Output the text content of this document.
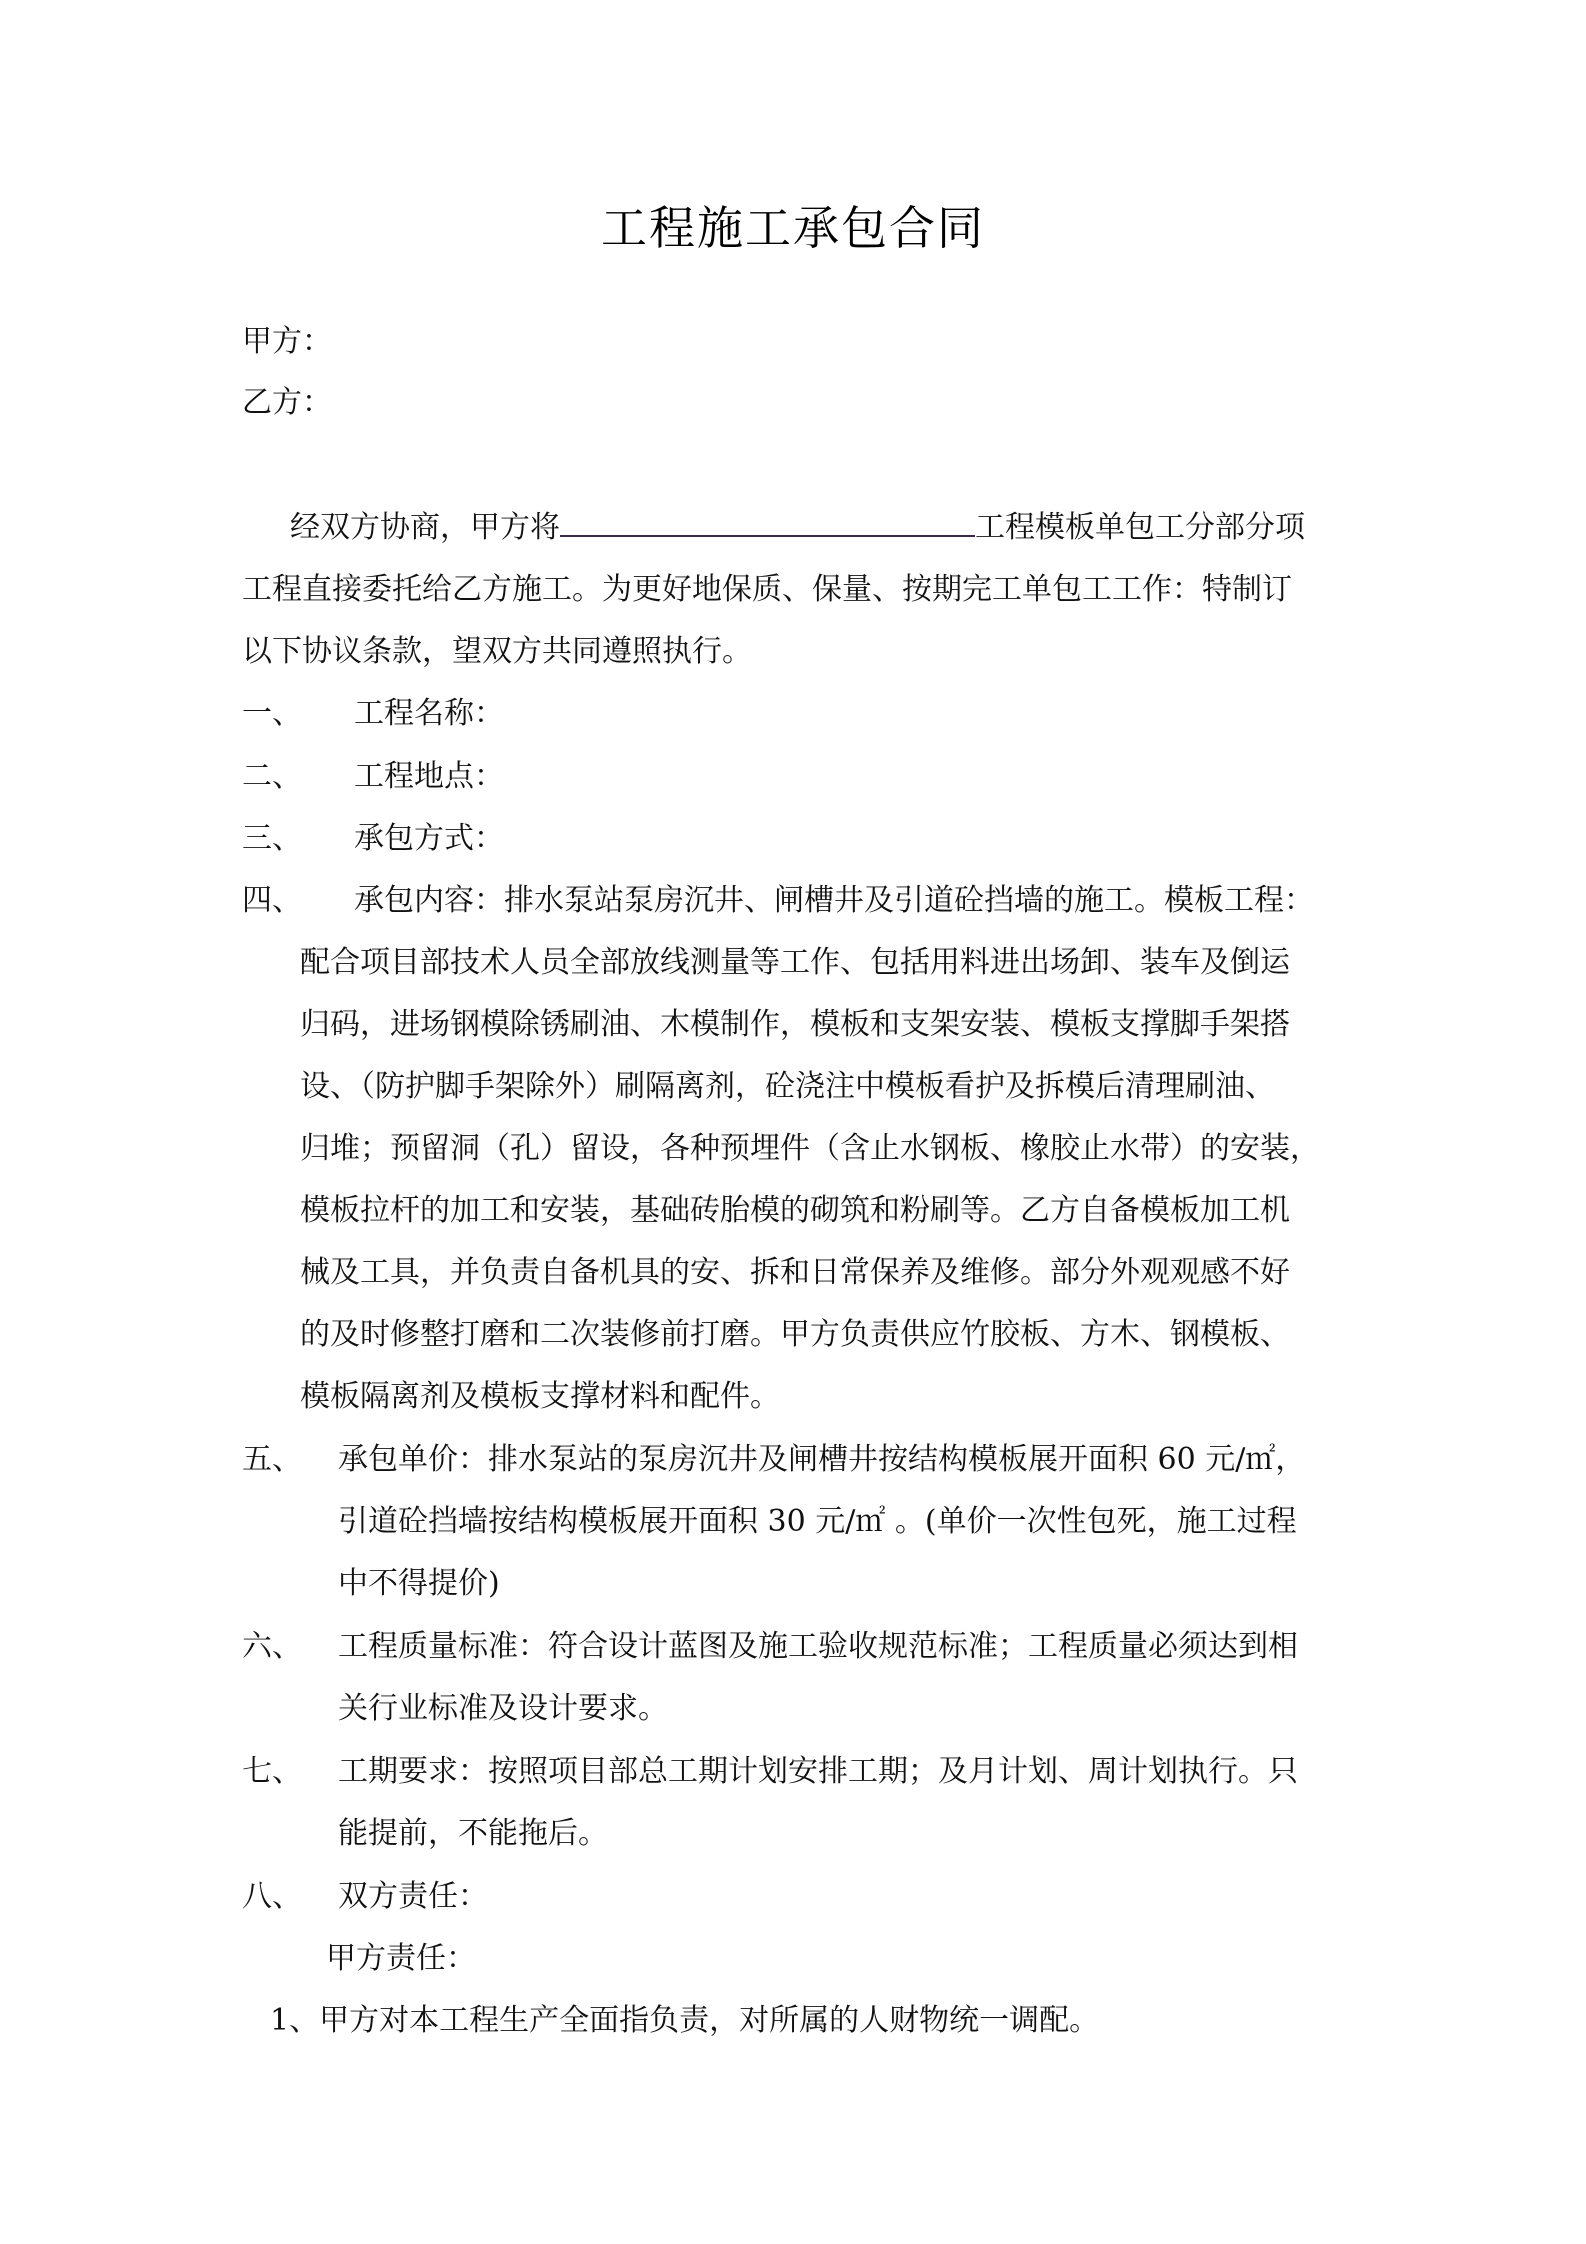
工程施工承包合同
甲方：
乙方：
经双方协商，甲方将	工程模板单包工分部分项
工程直接委托给乙方施工。为更好地保质、保量、按期完工单包工工作：特制订
以下协议条款，望双方共同遵照执行。
一、 工程名称：
二、 工程地点：
三、 承包方式：
四、 承包内容：排水泵站泵房沉井、闸槽井及引道砼挡墙的施工。模板工程：
配合项目部技术人员全部放线测量等工作、包括用料进出场卸、装车及倒运
归码，进场钢模除锈刷油、木模制作，模板和支架安装、模板支撑脚手架搭
设、（防护脚手架除外）刷隔离剂，砼浇注中模板看护及拆模后清理刷油、
归堆；预留洞（孔）留设，各种预埋件（含止水钢板、橡胶止水带）的安装，
模板拉杆的加工和安装，基础砖胎模的砌筑和粉刷等。乙方自备模板加工机
械及工具，并负责自备机具的安、拆和日常保养及维修。部分外观观感不好
的及时修整打磨和二次装修前打磨。甲方负责供应竹胶板、方木、钢模板、
模板隔离剂及模板支撑材料和配件。
五、 承包单价：排水泵站的泵房沉井及闸槽井按结构模板展开面积 60 元/㎡，
引道砼挡墙按结构模板展开面积 30 元/㎡ 。(单价一次性包死，施工过程
中不得提价)
六、 工程质量标准：符合设计蓝图及施工验收规范标准；工程质量必须达到相
关行业标准及设计要求。
七、 工期要求：按照项目部总工期计划安排工期；及月计划、周计划执行。只
能提前，不能拖后。
八、 双方责任：
甲方责任：
1、甲方对本工程生产全面指负责，对所属的人财物统一调配。
